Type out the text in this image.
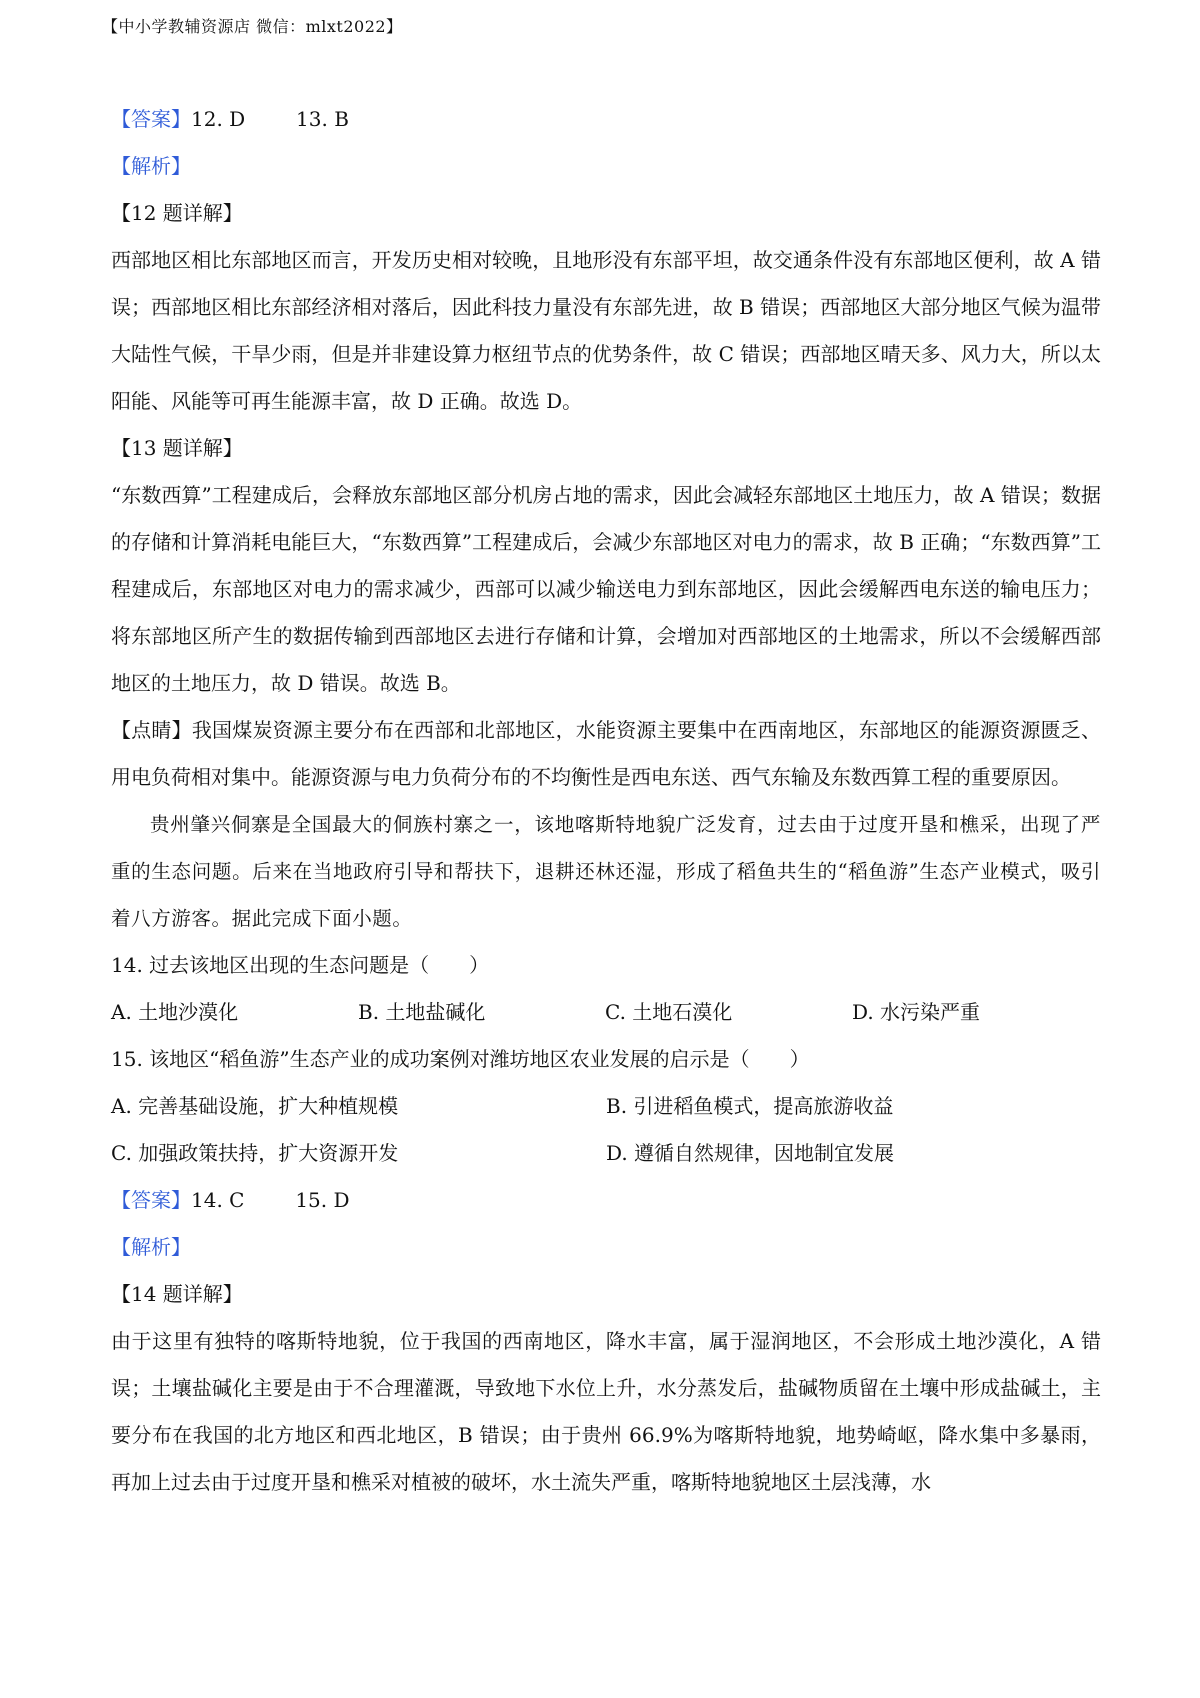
【中小学教辅资源店 微信：mlxt2022】
【答案】12. D        13. B
【解析】
【12 题详解】
西部地区相比东部地区而言，开发历史相对较晚，且地形没有东部平坦，故交通条件没有东部地区便利，故 A 错误；西部地区相比东部经济相对落后，因此科技力量没有东部先进，故 B 错误；西部地区大部分地区气候为温带大陆性气候，干旱少雨，但是并非建设算力枢纽节点的优势条件，故 C 错误；西部地区晴天多、风力大，所以太阳能、风能等可再生能源丰富，故 D 正确。故选 D。
【13 题详解】
“东数西算”工程建成后，会释放东部地区部分机房占地的需求，因此会减轻东部地区土地压力，故 A 错误；数据的存储和计算消耗电能巨大，“东数西算”工程建成后，会减少东部地区对电力的需求，故 B 正确；“东数西算”工程建成后，东部地区对电力的需求减少，西部可以减少输送电力到东部地区，因此会缓解西电东送的输电压力；将东部地区所产生的数据传输到西部地区去进行存储和计算，会增加对西部地区的土地需求，所以不会缓解西部地区的土地压力，故 D 错误。故选 B。
【点睛】我国煤炭资源主要分布在西部和北部地区，水能资源主要集中在西南地区，东部地区的能源资源匮乏、用电负荷相对集中。能源资源与电力负荷分布的不均衡性是西电东送、西气东输及东数西算工程的重要原因。
贵州肇兴侗寨是全国最大的侗族村寨之一，该地喀斯特地貌广泛发育，过去由于过度开垦和樵采，出现了严重的生态问题。后来在当地政府引导和帮扶下，退耕还林还湿，形成了稻鱼共生的“稻鱼游”生态产业模式，吸引着八方游客。据此完成下面小题。
14. 过去该地区出现的生态问题是（　　）
A. 土地沙漠化	B. 土地盐碱化	C. 土地石漠化	D. 水污染严重
15. 该地区“稻鱼游”生态产业的成功案例对潍坊地区农业发展的启示是（　　）
A. 完善基础设施，扩大种植规模	B. 引进稻鱼模式，提高旅游收益
C. 加强政策扶持，扩大资源开发	D. 遵循自然规律，因地制宜发展
【答案】14. C        15. D
【解析】
【14 题详解】
由于这里有独特的喀斯特地貌，位于我国的西南地区，降水丰富，属于湿润地区，不会形成土地沙漠化，A 错误；土壤盐碱化主要是由于不合理灌溉，导致地下水位上升，水分蒸发后，盐碱物质留在土壤中形成盐碱土，主要分布在我国的北方地区和西北地区，B 错误；由于贵州 66.9%为喀斯特地貌，地势崎岖，降水集中多暴雨，再加上过去由于过度开垦和樵采对植被的破坏，水土流失严重，喀斯特地貌地区土层浅薄，水
